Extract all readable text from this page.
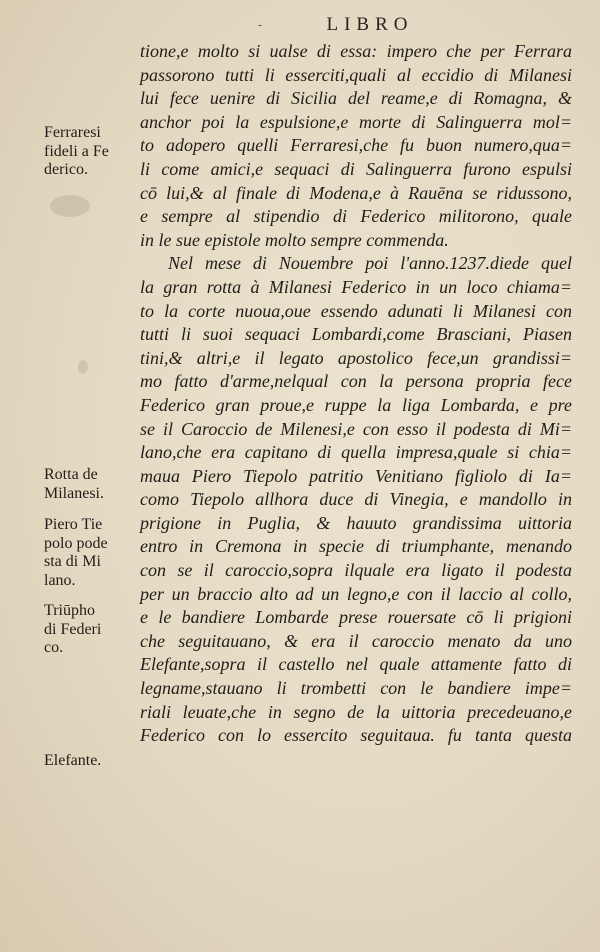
-	LIBRO
tione,e molto si ualse di essa: impero che per Ferrara
passorono tutti li esserciti,quali al eccidio di Milanesi
lui fece uenire di Sicilia del reame,e di Romagna, &
anchor poi la espulsione,e morte di Salinguerra mol=
to adopero quelli Ferraresi,che fu buon numero,qua=
li come amici,e sequaci di Salinguerra furono espulsi
cō lui,& al finale di Modena,e à Rauēna se ridussono,
e sempre al stipendio di Federico militorono, quale
in le sue epistole molto sempre commenda.
Nel mese di Nouembre poi l'anno.1237.diede quel
la gran rotta à Milanesi Federico in un loco chiama=
to la corte nuoua,oue essendo adunati li Milanesi con
tutti li suoi sequaci Lombardi,come Brasciani, Piasen
tini,& altri,e il legato apostolico fece,un grandissi=
mo fatto d'arme,nelqual con la persona propria fece
Federico gran proue,e ruppe la liga Lombarda, e pre
se il Caroccio de Milenesi,e con esso il podesta di Mi=
lano,che era capitano di quella impresa,quale si chia=
maua Piero Tiepolo patritio Venitiano figliolo di Ia=
como Tiepolo allhora duce di Vinegia, e mandollo in
prigione in Puglia, & hauuto grandissima uittoria
entro in Cremona in specie di triumphante, menando
con se il caroccio,sopra ilquale era ligato il podesta
per un braccio alto ad un legno,e con il laccio al collo,
e le bandiere Lombarde prese rouersate cō li prigioni
che seguitauano, & era il caroccio menato da uno
Elefante,sopra il castello nel quale attamente fatto di
legname,stauano li trombetti con le bandiere impe=
riali leuate,che in segno de la uittoria precedeuano,e
Federico con lo essercito seguitaua. fu tanta questa
Ferraresi
fideli a Fe
derico.
Rotta de
Milanesi.
Piero Tie
polo pode
sta di Mi
lano.
Triūpho
di Federi
co.
Elefante.
